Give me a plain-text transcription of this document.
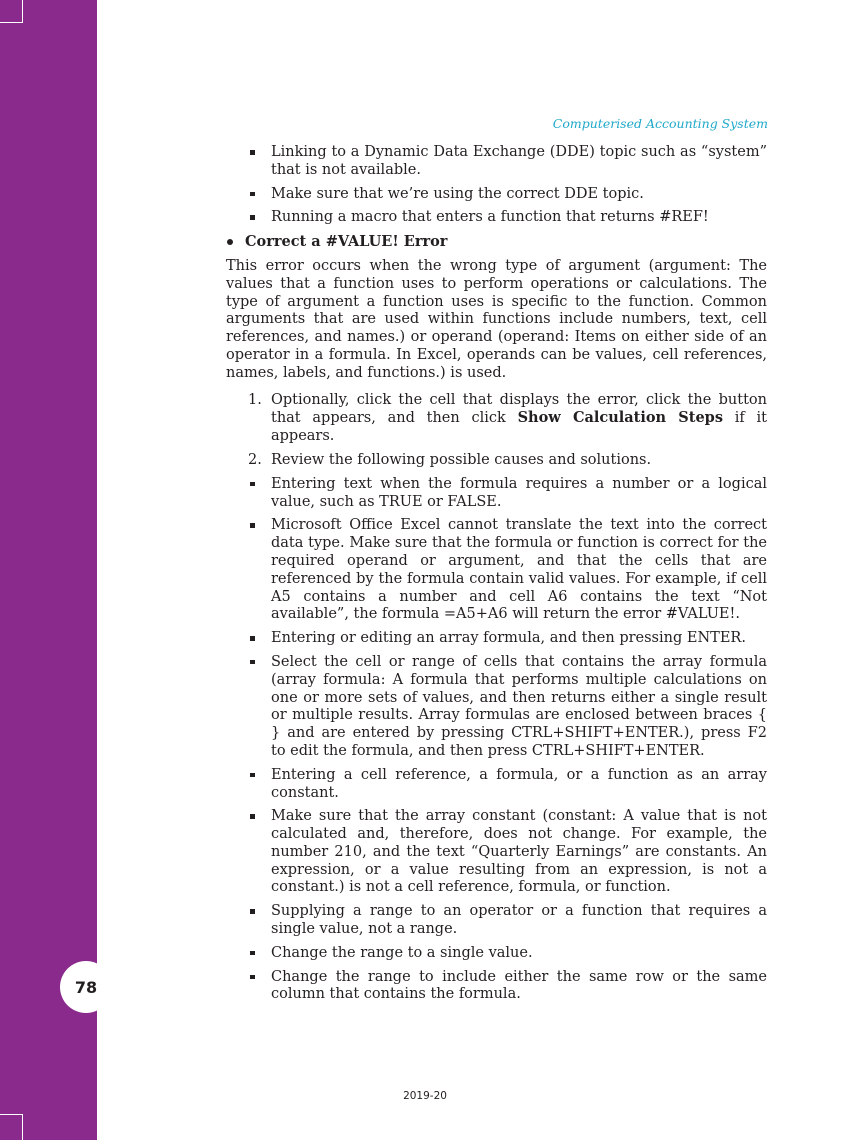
78
Computerised Accounting System
Linking to a Dynamic Data Exchange (DDE) topic such as “system” that is not available.
Make sure that we’re using the correct DDE topic.
Running a macro that enters a function that returns #REF!
Correct a #VALUE! Error

This error occurs when the wrong type of argument (argument: The values that a function uses to perform operations or calculations. The type of argument a function uses is specific to the function. Common arguments that are used within functions include numbers, text, cell references, and names.) or operand (operand: Items on either side of an operator in a formula. In Excel, operands can be values, cell references, names, labels, and functions.) is used.

1. Optionally, click the cell that displays the error, click the button that appears, and then click Show Calculation Steps if it appears.
2. Review the following possible causes and solutions.
Entering text when the formula requires a number or a logical value, such as TRUE or FALSE.
Microsoft Office Excel cannot translate the text into the correct data type. Make sure that the formula or function is correct for the required operand or argument, and that the cells that are referenced by the formula contain valid values. For example, if cell A5 contains a number and cell A6 contains the text “Not available”, the formula =A5+A6 will return the error #VALUE!.
Entering or editing an array formula, and then pressing ENTER.
Select the cell or range of cells that contains the array formula (array formula: A formula that performs multiple calculations on one or more sets of values, and then returns either a single result or multiple results. Array formulas are enclosed between braces { } and are entered by pressing CTRL+SHIFT+ENTER.), press F2 to edit the formula, and then press CTRL+SHIFT+ENTER.
Entering a cell reference, a formula, or a function as an array constant.
Make sure that the array constant (constant: A value that is not calculated and, therefore, does not change. For example, the number 210, and the text “Quarterly Earnings” are constants. An expression, or a value resulting from an expression, is not a constant.) is not a cell reference, formula, or function.
Supplying a range to an operator or a function that requires a single value, not a range.
Change the range to a single value.
Change the range to include either the same row or the same column that contains the formula.
2019-20
